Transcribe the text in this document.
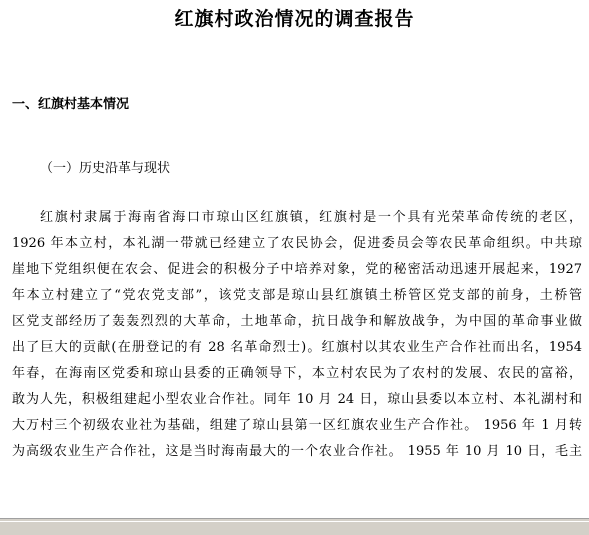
红旗村政治情况的调查报告
一、红旗村基本情况
（一）历史沿革与现状

红旗村隶属于海南省海口市琼山区红旗镇，红旗村是一个具有光荣革命传统的老区，
1926 年本立村，本礼湖一带就已经建立了农民协会，促进委员会等农民革命组织。中共琼
崖地下党组织便在农会、促进会的积极分子中培养对象，党的秘密活动迅速开展起来，1927
年本立村建立了“党农党支部”，该党支部是琼山县红旗镇土桥管区党支部的前身，土桥管
区党支部经历了轰轰烈烈的大革命，土地革命，抗日战争和解放战争，为中国的革命事业做
出了巨大的贡献(在册登记的有 28 名革命烈士)。红旗村以其农业生产合作社而出名，1954
年春，在海南区党委和琼山县委的正确领导下，本立村农民为了农村的发展、农民的富裕，
敢为人先，积极组建起小型农业合作社。同年 10 月 24 日，琼山县委以本立村、本礼湖村和
大万村三个初级农业社为基础，组建了琼山县第一区红旗农业生产合作社。 1956 年 1 月转
为高级农业生产合作社，这是当时海南最大的一个农业合作社。 1955 年 10 月 10 日，毛主
